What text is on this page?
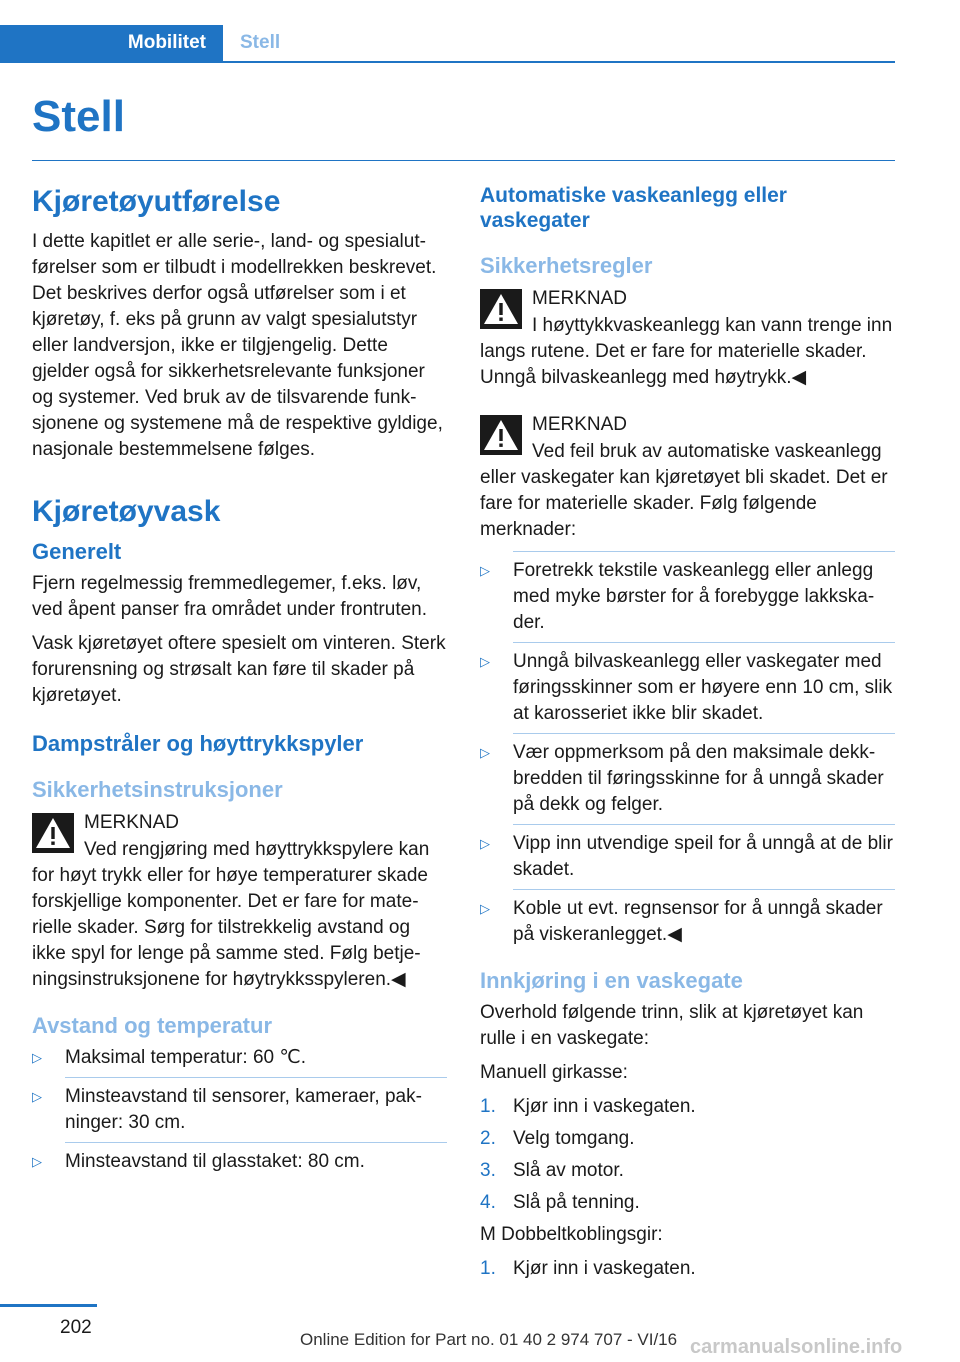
Mobilitet	Stell
Stell
Kjøretøyutførelse

I dette kapitlet er alle serie-, land- og spesialutførelser som er tilbudt i modellrekken beskrevet. Det beskrives derfor også utførelser som i et kjøretøy, f. eks på grunn av valgt spesialutstyr eller landversjon, ikke er tilgjengelig. Dette gjelder også for sikkerhetsrelevante funksjoner og systemer. Ved bruk av de tilsvarende funksjonene og systemene må de respektive gyldige, nasjonale bestemmelsene følges.

Kjøretøyvask
Generelt

Fjern regelmessig fremmedlegemer, f.eks. løv, ved åpent panser fra området under frontruten.

Vask kjøretøyet oftere spesielt om vinteren. Sterk forurensning og strøsalt kan føre til skader på kjøretøyet.

Dampstråler og høyttrykkspyler
Sikkerhetsinstruksjoner
MERKNAD
Ved rengjøring med høyttrykkspylere kan for høyt trykk eller for høye temperaturer skade forskjellige komponenter. Det er fare for materielle skader. Sørg for tilstrekkelig avstand og ikke spyl for lenge på samme sted. Følg betjeningsinstruksjonene for høytrykksspyleren.◀
Avstand og temperatur
▷ Maksimal temperatur: 60 ℃.
▷ Minsteavstand til sensorer, kameraer, pakninger: 30 cm.
▷ Minsteavstand til glasstaket: 80 cm.
Automatiske vaskeanlegg eller vaskegater
Sikkerhetsregler
MERKNAD
I høyttykkvaskeanlegg kan vann trenge inn langs rutene. Det er fare for materielle skader. Unngå bilvaskeanlegg med høytrykk.◀
MERKNAD
Ved feil bruk av automatiske vaskeanlegg eller vaskegater kan kjøretøyet bli skadet. Det er fare for materielle skader. Følg følgende merknader:
▷ Foretrekk tekstile vaskeanlegg eller anlegg med myke børster for å forebygge lakkskader.
▷ Unngå bilvaskeanlegg eller vaskegater med føringsskinner som er høyere enn 10 cm, slik at karosseriet ikke blir skadet.
▷ Vær oppmerksom på den maksimale dekkbredden til føringsskinne for å unngå skader på dekk og felger.
▷ Vipp inn utvendige speil for å unngå at de blir skadet.
▷ Koble ut evt. regnsensor for å unngå skader på viskeranlegget.◀
Innkjøring i en vaskegate

Overhold følgende trinn, slik at kjøretøyet kan rulle i en vaskegate:

Manuell girkasse:

1. Kjør inn i vaskegaten.
2. Velg tomgang.
3. Slå av motor.
4. Slå på tenning.

M Dobbeltkoblingsgir:

1. Kjør inn i vaskegaten.
202
Online Edition for Part no. 01 40 2 974 707 - VI/16 carmanualsonline.info
